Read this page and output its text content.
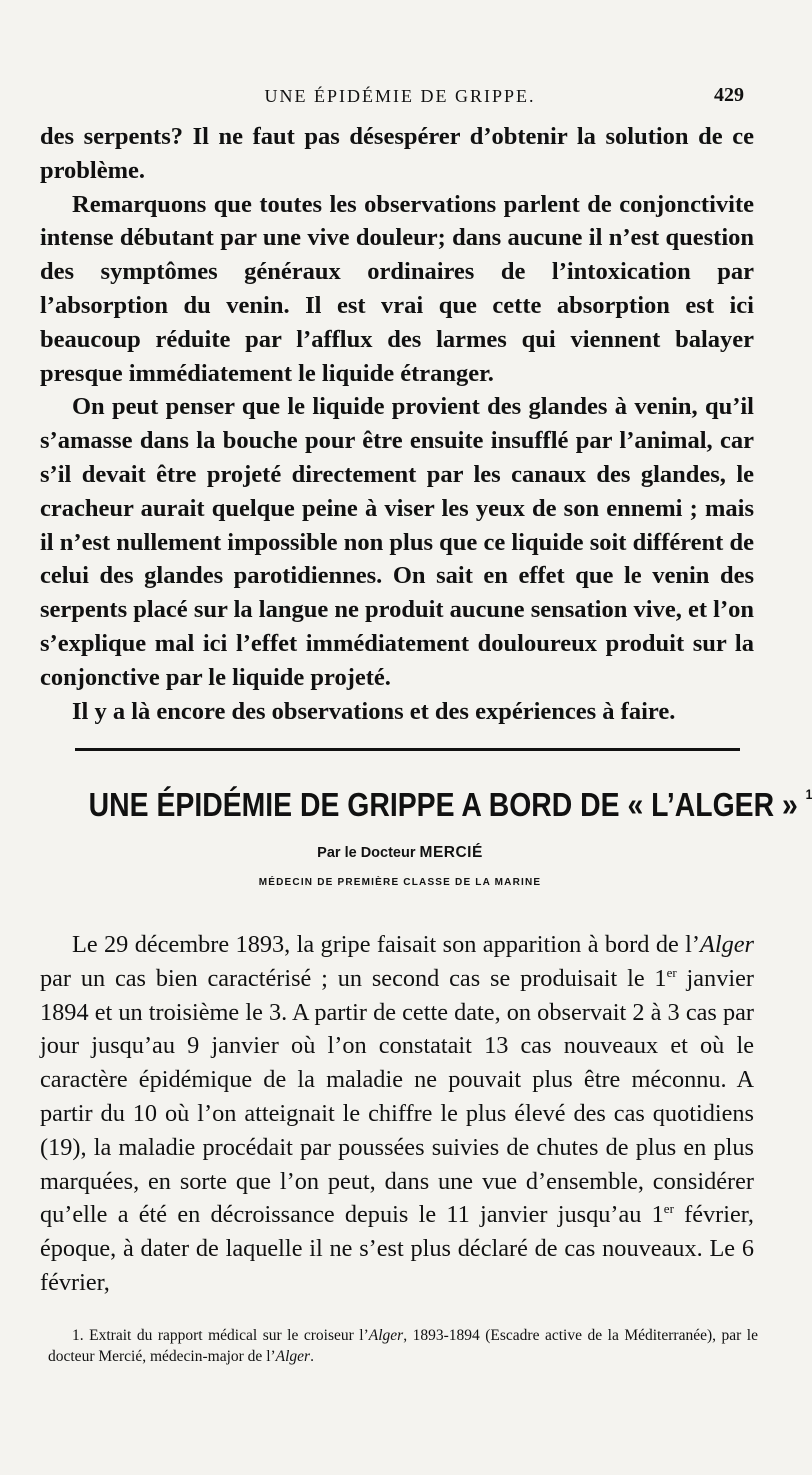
UNE ÉPIDÉMIE DE GRIPPE.	429

des serpents? Il ne faut pas désespérer d’obtenir la solution de ce problème.

Remarquons que toutes les observations parlent de conjonctivite intense débutant par une vive douleur; dans aucune il n’est question des symptômes généraux ordinaires de l’intoxication par l’absorption du venin. Il est vrai que cette absorption est ici beaucoup réduite par l’afflux des larmes qui viennent balayer presque immédiatement le liquide étranger.

On peut penser que le liquide provient des glandes à venin, qu’il s’amasse dans la bouche pour être ensuite insufflé par l’animal, car s’il devait être projeté directement par les canaux des glandes, le cracheur aurait quelque peine à viser les yeux de son ennemi ; mais il n’est nullement impossible non plus que ce liquide soit différent de celui des glandes parotidiennes. On sait en effet que le venin des serpents placé sur la langue ne produit aucune sensation vive, et l’on s’explique mal ici l’effet immédiatement douloureux produit sur la conjonctive par le liquide projeté.

Il y a là encore des observations et des expériences à faire.

UNE ÉPIDÉMIE DE GRIPPE A BORD DE « L’ALGER » $^1$
Par le Docteur MERCIÉ
MÉDECIN DE PREMIÈRE CLASSE DE LA MARINE

Le 29 décembre 1893, la gripe faisait son apparition à bord de l’Alger par un cas bien caractérisé ; un second cas se produisait le 1er janvier 1894 et un troisième le 3. A partir de cette date, on observait 2 à 3 cas par jour jusqu’au 9 janvier où l’on constatait 13 cas nouveaux et où le caractère épidémique de la maladie ne pouvait plus être méconnu. A partir du 10 où l’on atteignait le chiffre le plus élevé des cas quotidiens (19), la maladie procédait par poussées suivies de chutes de plus en plus marquées, en sorte que l’on peut, dans une vue d’ensemble, considérer qu’elle a été en décroissance depuis le 11 janvier jusqu’au 1er février, époque, à dater de laquelle il ne s’est plus déclaré de cas nouveaux. Le 6 février,

1. Extrait du rapport médical sur le croiseur l’Alger, 1893-1894 (Escadre active de la Méditerranée), par le docteur Mercié, médecin-major de l’Alger.
